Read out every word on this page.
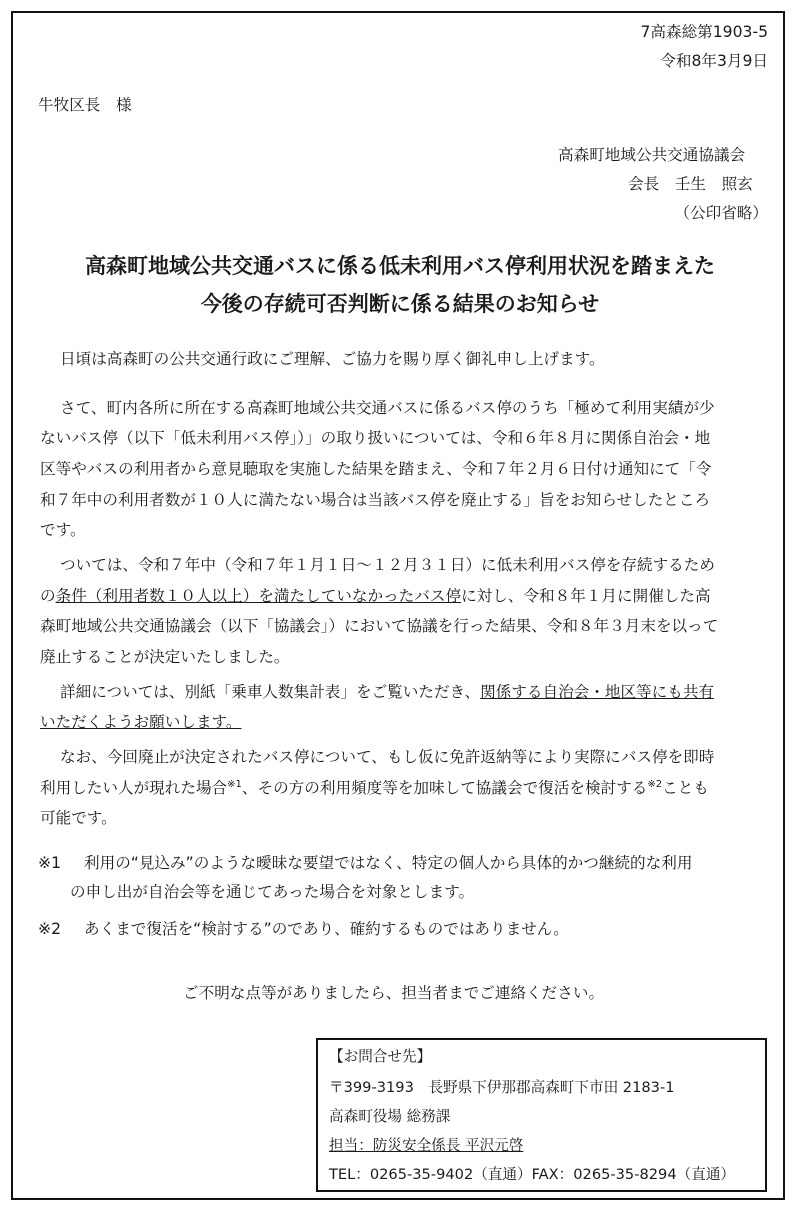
7高森総第1903-5
令和8年3月9日
牛牧区長　様
高森町地域公共交通協議会
会長　壬生　照玄
（公印省略）
高森町地域公共交通バスに係る低未利用バス停利用状況を踏まえた
今後の存続可否判断に係る結果のお知らせ
日頃は高森町の公共交通行政にご理解、ご協力を賜り厚く御礼申し上げます。
さて、町内各所に所在する高森町地域公共交通バスに係るバス停のうち「極めて利用実績が少
ないバス停（以下「低未利用バス停」）」の取り扱いについては、令和６年８月に関係自治会・地
区等やバスの利用者から意見聴取を実施した結果を踏まえ、令和７年２月６日付け通知にて「令
和７年中の利用者数が１０人に満たない場合は当該バス停を廃止する」旨をお知らせしたところ
です。
ついては、令和７年中（令和７年１月１日～１２月３１日）に低未利用バス停を存続するため
の条件（利用者数１０人以上）を満たしていなかったバス停に対し、令和８年１月に開催した高
森町地域公共交通協議会（以下「協議会」）において協議を行った結果、令和８年３月末を以って
廃止することが決定いたしました。
詳細については、別紙「乗車人数集計表」をご覧いただき、関係する自治会・地区等にも共有
いただくようお願いします。
なお、今回廃止が決定されたバス停について、もし仮に免許返納等により実際にバス停を即時
利用したい人が現れた場合$^{※1}$、その方の利用頻度等を加味して協議会で復活を検討する$^{※2}$ことも
可能です。
※1 利用の“見込み”のような曖昧な要望ではなく、特定の個人から具体的かつ継続的な利用
の申し出が自治会等を通じてあった場合を対象とします。
※2 あくまで復活を“検討する”のであり、確約するものではありません。
ご不明な点等がありましたら、担当者までご連絡ください。
【お問合せ先】
〒399-3193　長野県下伊那郡高森町下市田 2183-1
高森町役場 総務課
担当：防災安全係長 平沢元啓
TEL：0265-35-9402（直通）FAX：0265-35-8294（直通）
